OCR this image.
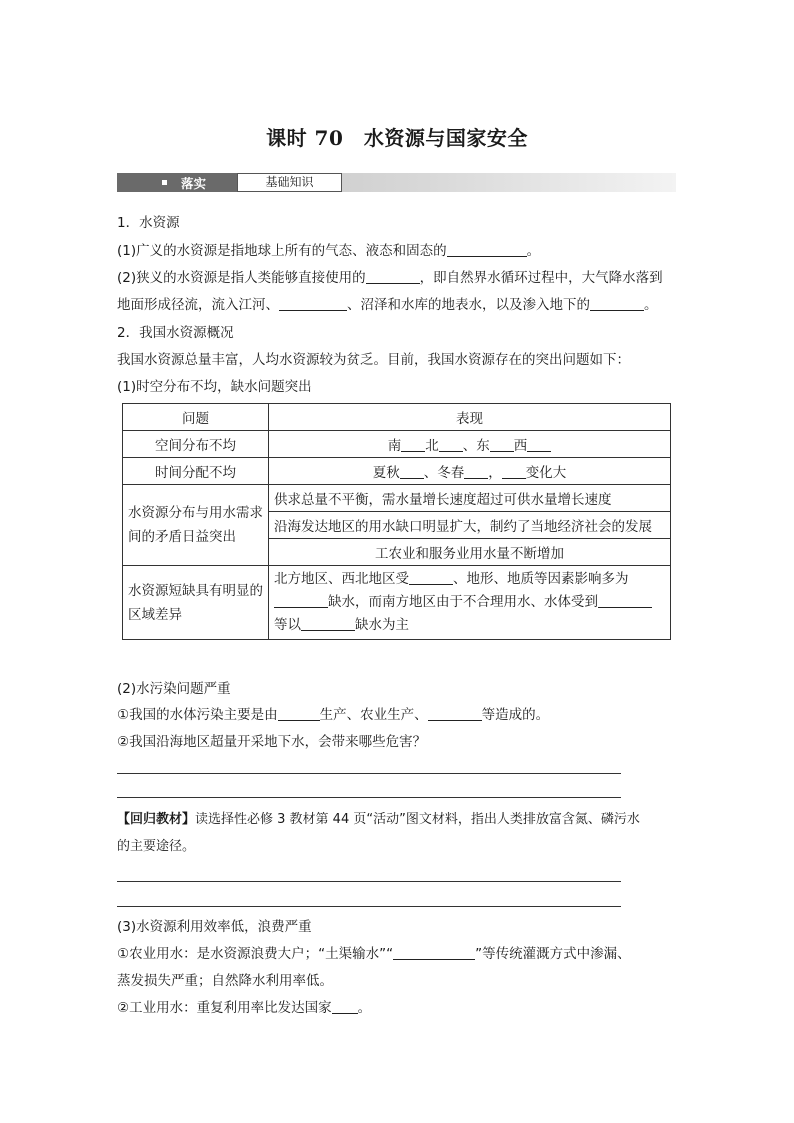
课时 70　水资源与国家安全
落实	基础知识
1．水资源
(1)广义的水资源是指地球上所有的气态、液态和固态的	。
(2)狭义的水资源是指人类能够直接使用的	，即自然界水循环过程中，大气降水落到
地面形成径流，流入江河、	、沼泽和水库的地表水，以及渗入地下的	。
2．我国水资源概况
我国水资源总量丰富，人均水资源较为贫乏。目前，我国水资源存在的突出问题如下：
(1)时空分布不均，缺水问题突出
问题	表现
空间分布不均	南 北 、东 西
时间分配不均	夏秋 、冬春 ， 变化大
水资源分布与用水需求间的矛盾日益突出	供求总量不平衡，需水量增长速度超过可供水量增长速度
	沿海发达地区的用水缺口明显扩大，制约了当地经济社会的发展
	工农业和服务业用水量不断增加
水资源短缺具有明显的区域差异	北方地区、西北地区受 、地形、地质等因素影响多为
缺水，而南方地区由于不合理用水、水体受到
等以 缺水为主
(2)水污染问题严重
①我国的水体污染主要是由	生产、农业生产、	等造成的。
②我国沿海地区超量开采地下水，会带来哪些危害？
【回归教材】读选择性必修 3 教材第 44 页“活动”图文材料，指出人类排放富含氮、磷污水
的主要途径。
(3)水资源利用效率低，浪费严重
①农业用水：是水资源浪费大户；“土渠输水”“	”等传统灌溉方式中渗漏、
蒸发损失严重；自然降水利用率低。
②工业用水：重复利用率比发达国家 。
